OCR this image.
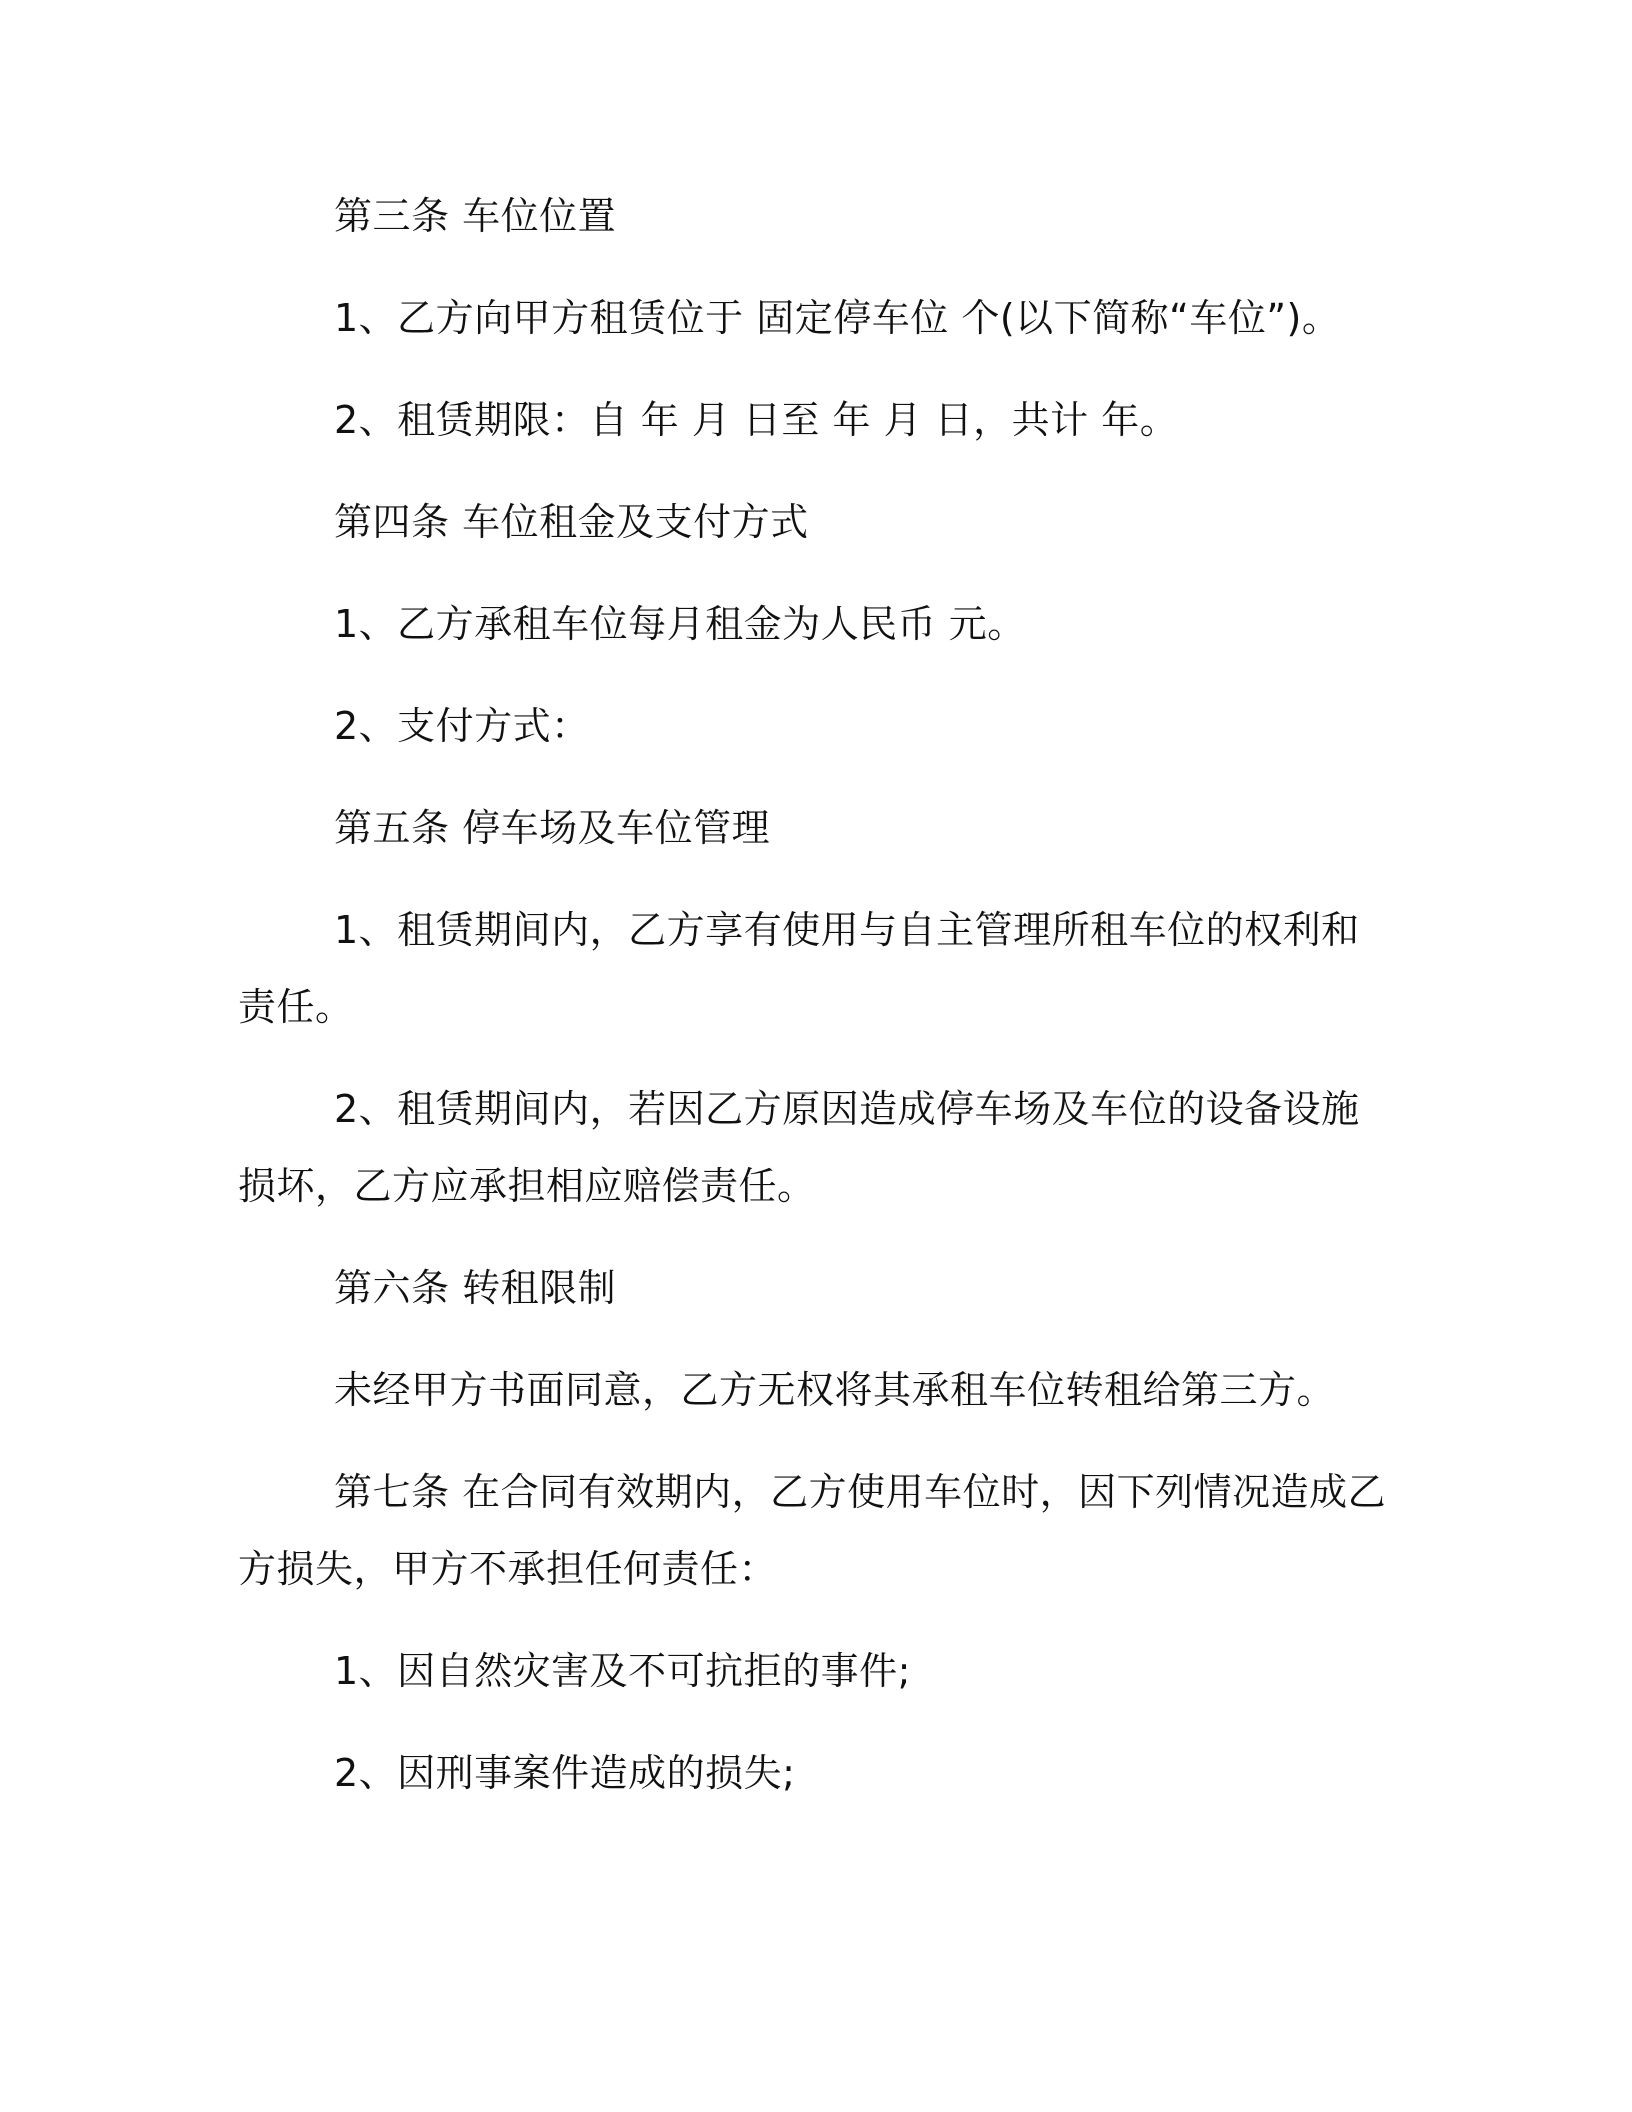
第三条 车位位置

1、乙方向甲方租赁位于 固定停车位 个(以下简称“车位”)。

2、租赁期限：自 年 月 日至 年 月 日，共计 年。

第四条 车位租金及支付方式

1、乙方承租车位每月租金为人民币 元。

2、支付方式：

第五条 停车场及车位管理

1、租赁期间内，乙方享有使用与自主管理所租车位的权利和责任。

2、租赁期间内，若因乙方原因造成停车场及车位的设备设施损坏，乙方应承担相应赔偿责任。

第六条 转租限制

未经甲方书面同意，乙方无权将其承租车位转租给第三方。

第七条 在合同有效期内，乙方使用车位时，因下列情况造成乙方损失，甲方不承担任何责任：

1、因自然灾害及不可抗拒的事件;

2、因刑事案件造成的损失;
